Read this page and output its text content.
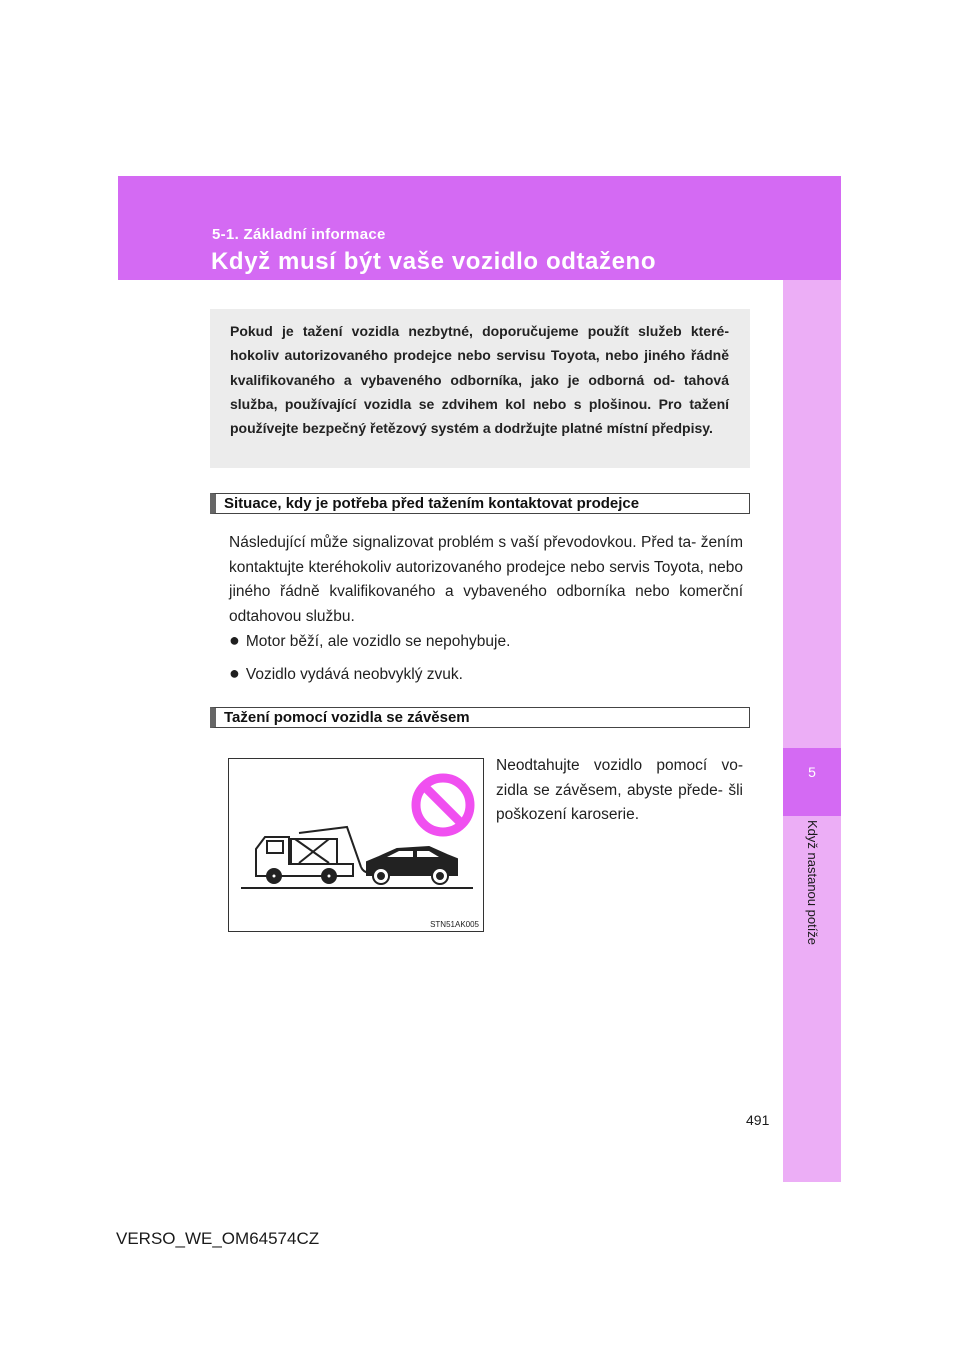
5-1. Základní informace
Když musí být vaše vozidlo odtaženo
5
Když nastanou potíže

Pokud je tažení vozidla nezbytné, doporučujeme použít služeb které- hokoliv autorizovaného prodejce nebo servisu Toyota, nebo jiného řádně kvalifikovaného a vybaveného odborníka, jako je odborná od- tahová služba, používající vozidla se zdvihem kol nebo s plošinou. Pro tažení používejte bezpečný řetězový systém a dodržujte platné místní předpisy.

Situace, kdy je potřeba před tažením kontaktovat prodejce

Následující může signalizovat problém s vaší převodovkou. Před ta- žením kontaktujte kteréhokoliv autorizovaného prodejce nebo servis Toyota, nebo jiného řádně kvalifikovaného a vybaveného odborníka nebo komerční odtahovou službu.

● Motor běží, ale vozidlo se nepohybuje.
● Vozidlo vydává neobvyklý zvuk.
Tažení pomocí vozidla se závěsem
STN51AK005

Neodtahujte vozidlo pomocí vo- zidla se závěsem, abyste přede- šli poškození karoserie.

491
VERSO_WE_OM64574CZ
